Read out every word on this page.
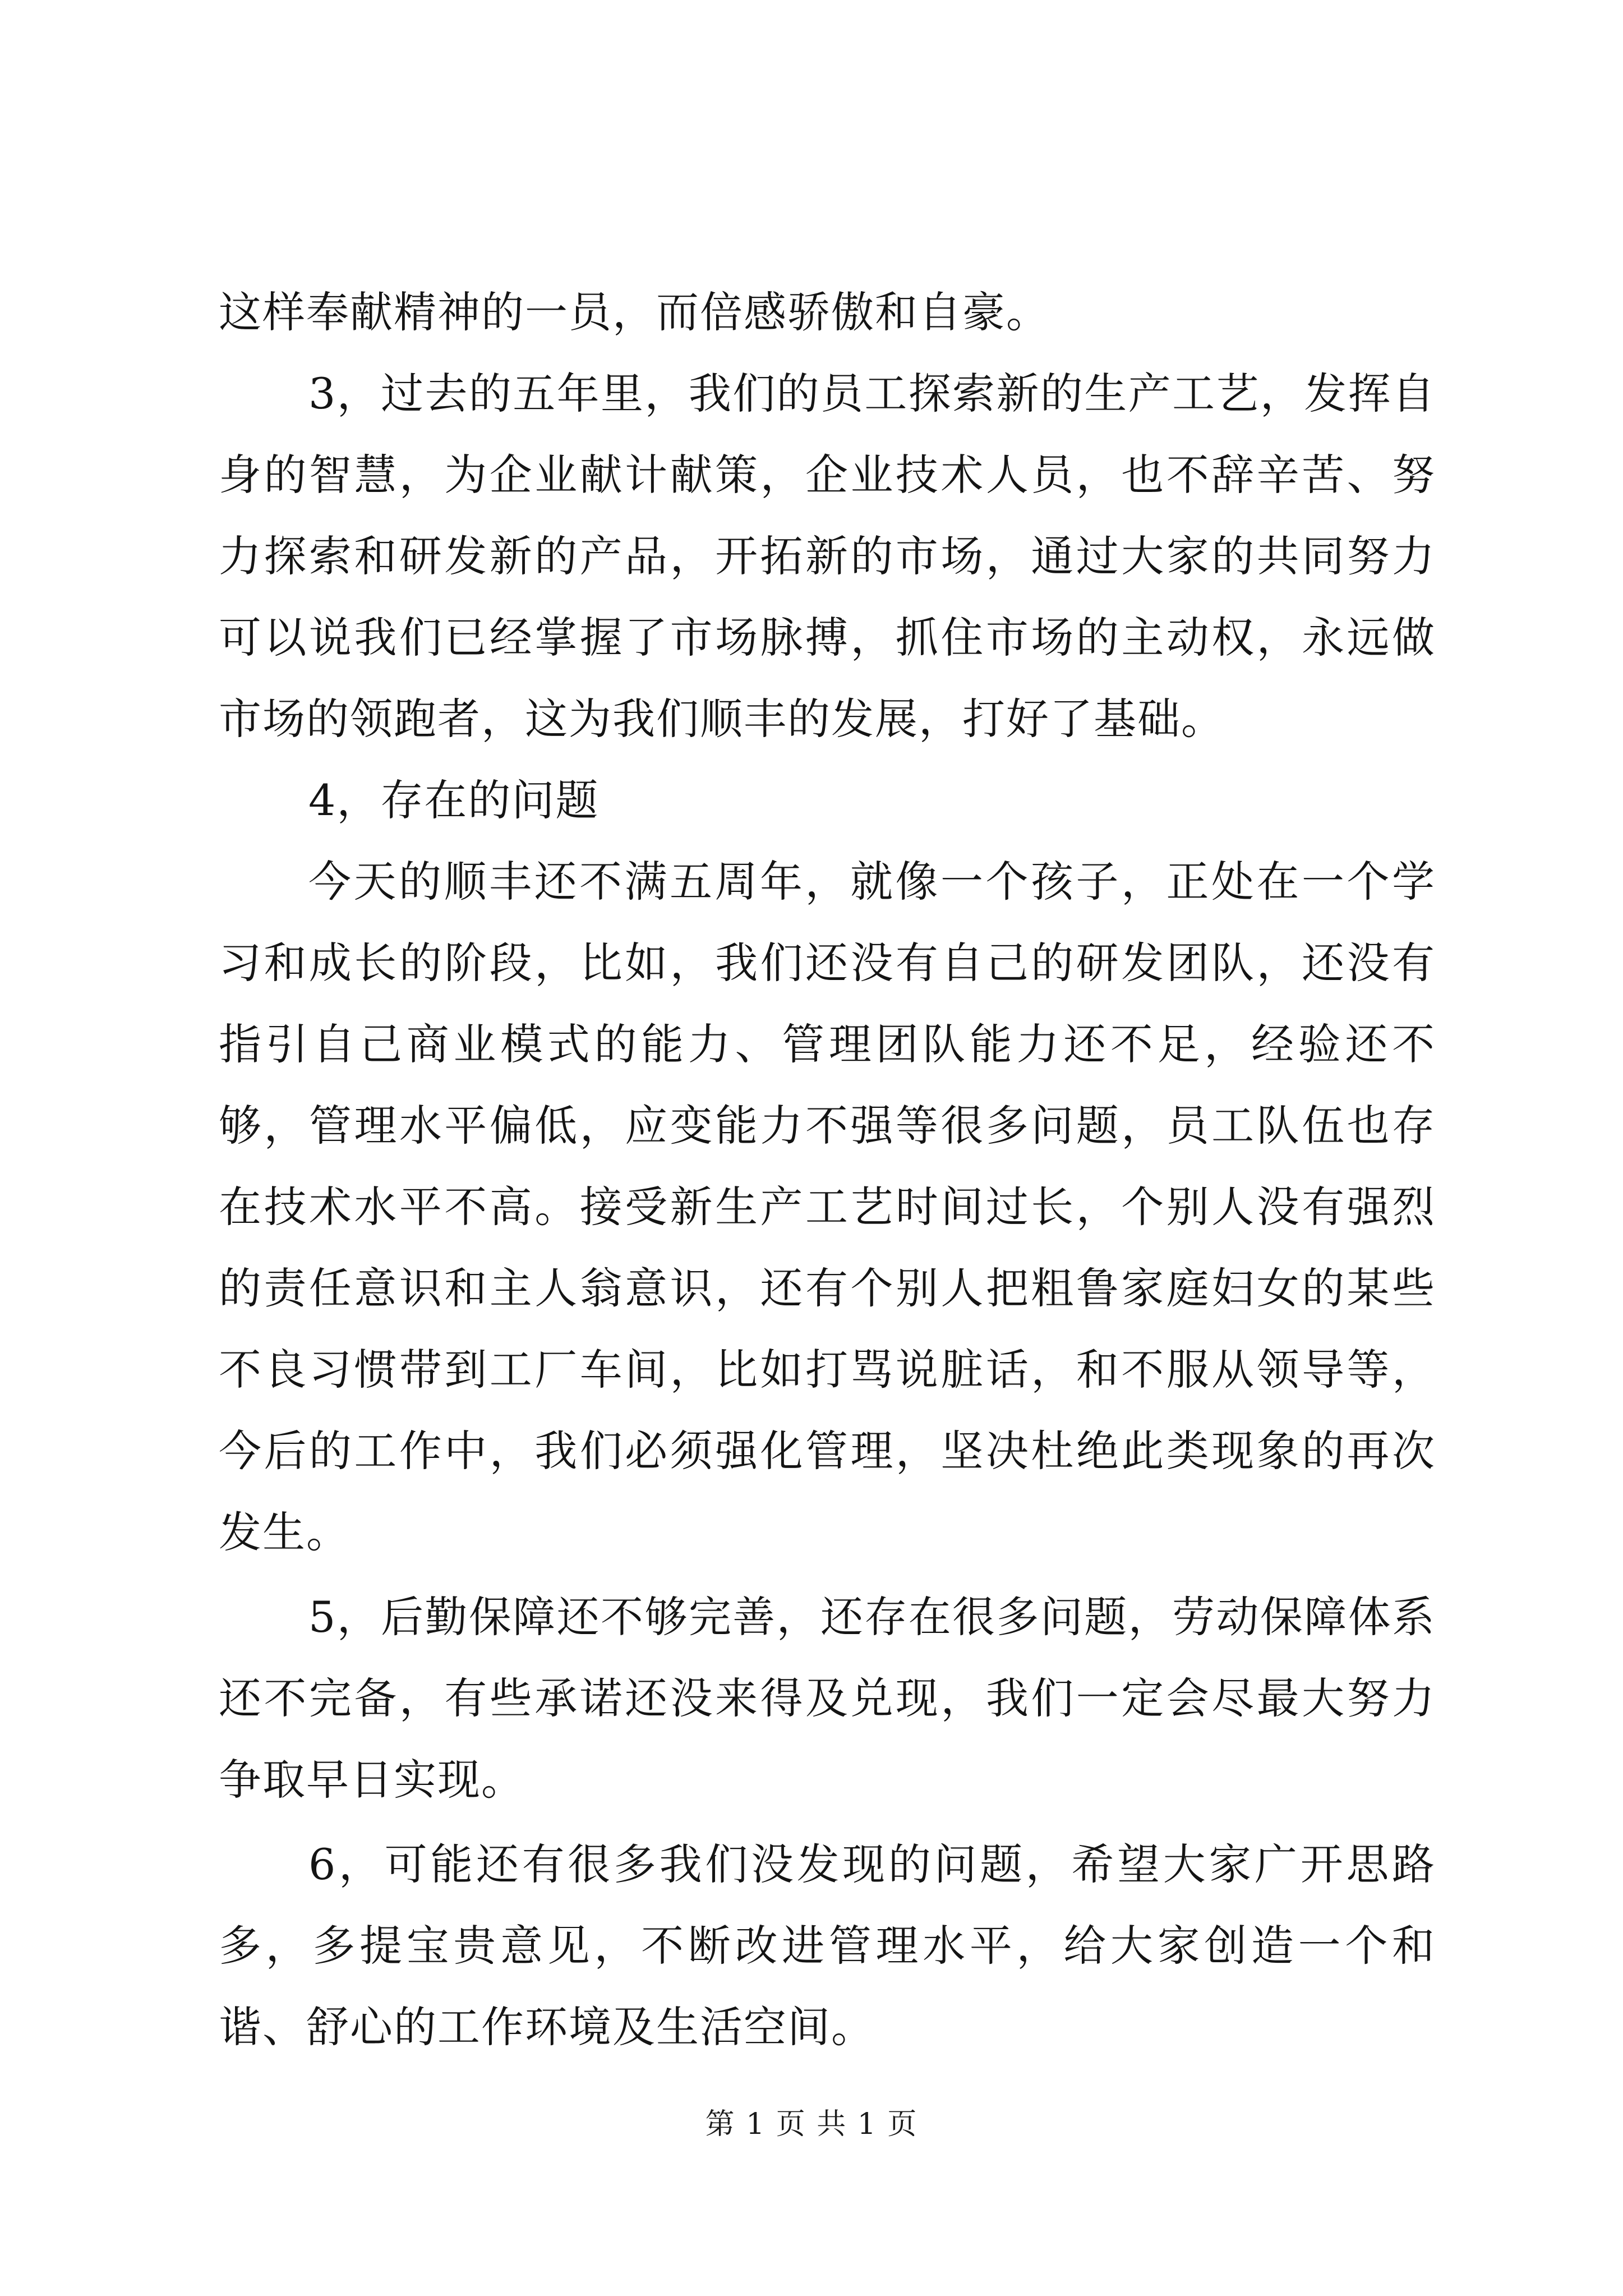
这样奉献精神的一员，而倍感骄傲和自豪。

3，过去的五年里，我们的员工探索新的生产工艺，发挥自身的智慧，为企业献计献策，企业技术人员，也不辞辛苦、努力探索和研发新的产品，开拓新的市场，通过大家的共同努力可以说我们已经掌握了市场脉搏，抓住市场的主动权，永远做市场的领跑者，这为我们顺丰的发展，打好了基础。

4，存在的问题

今天的顺丰还不满五周年，就像一个孩子，正处在一个学习和成长的阶段，比如，我们还没有自己的研发团队，还没有指引自己商业模式的能力、管理团队能力还不足，经验还不够，管理水平偏低，应变能力不强等很多问题，员工队伍也存在技术水平不高。接受新生产工艺时间过长，个别人没有强烈的责任意识和主人翁意识，还有个别人把粗鲁家庭妇女的某些不良习惯带到工厂车间，比如打骂说脏话，和不服从领导等，今后的工作中，我们必须强化管理，坚决杜绝此类现象的再次发生。

5，后勤保障还不够完善，还存在很多问题，劳动保障体系还不完备，有些承诺还没来得及兑现，我们一定会尽最大努力争取早日实现。

6，可能还有很多我们没发现的问题，希望大家广开思路多，多提宝贵意见，不断改进管理水平，给大家创造一个和谐、舒心的工作环境及生活空间。

第 1 页 共 1 页
